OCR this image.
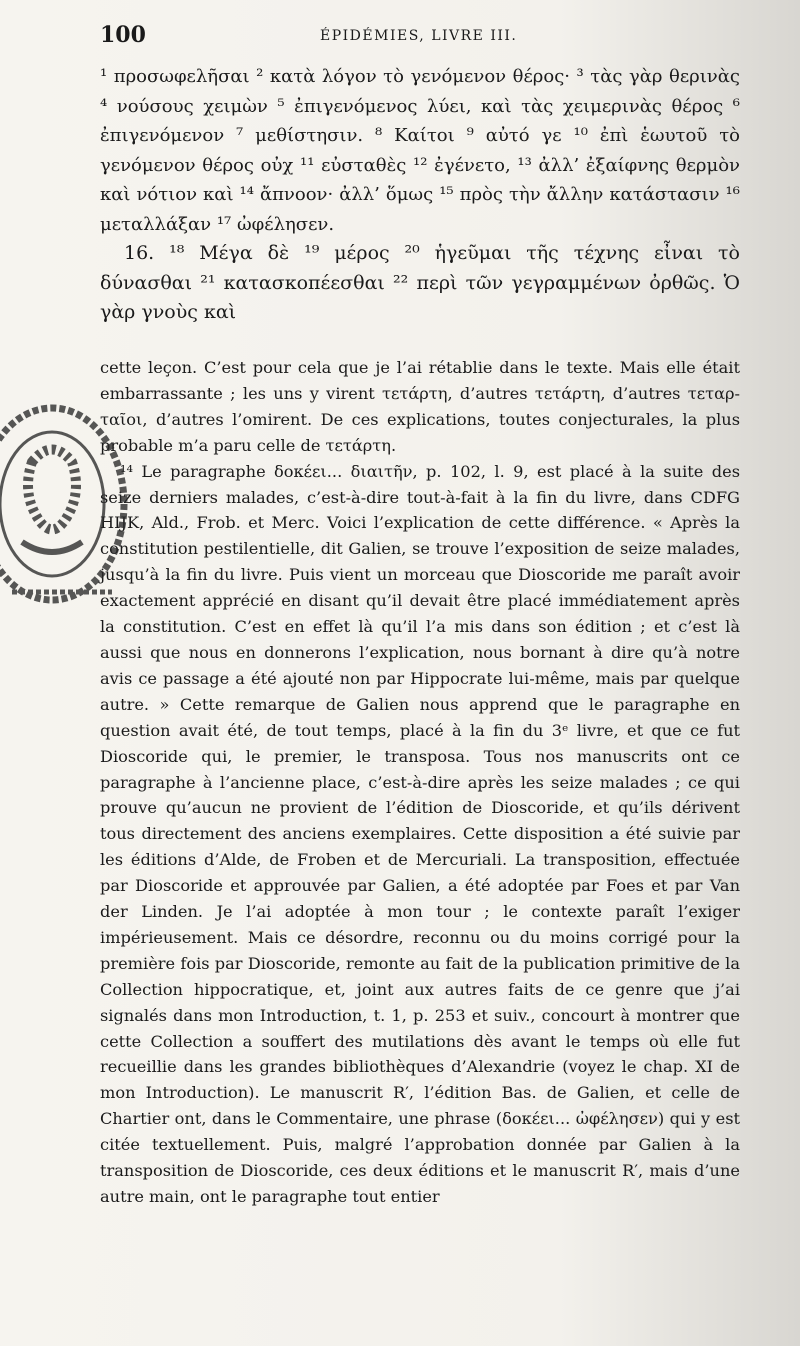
100	ÉPIDÉMIES, LIVRE III.

¹ προσωφελῆσαι ² κατὰ λόγον τὸ γενόμενον θέρος· ³ τὰς γὰρ θερινὰς ⁴ νούσους χειμὼν ⁵ ἐπιγενόμενος λύει, καὶ τὰς χειμερινὰς θέρος ⁶ ἐπιγενόμενον ⁷ μεθίστησιν. ⁸ Καίτοι ⁹ αὐτό γε ¹⁰ ἐπὶ ἑωυτοῦ τὸ γενόμενον θέρος οὐχ ¹¹ εὐσταθὲς ¹² ἐγένετο, ¹³ ἀλλ’ ἐξαίφνης θερμὸν καὶ νότιον καὶ ¹⁴ ἄπνοον· ἀλλ’ ὅμως ¹⁵ πρὸς τὴν ἄλλην κατάστασιν ¹⁶ μεταλλάξαν ¹⁷ ὠφέλησεν.

16. ¹⁸ Μέγα δὲ ¹⁹ μέρος ²⁰ ἡγεῦμαι τῆς τέχνης εἶναι τὸ δύνασθαι ²¹ κατασκοπέεσθαι ²² περὶ τῶν γεγραμμένων ὀρθῶς. Ὁ γὰρ γνοὺς καὶ

cette leçon. C’est pour cela que je l’ai rétablie dans le texte. Mais elle était embarrassante ; les uns y virent τετάρτη, d’autres τετάρτη, d’autres τεταρ-ταῖοι, d’autres l’omirent. De ces explications, toutes conjecturales, la plus probable m’a paru celle de τετάρτη.

¹⁴ Le paragraphe δοκέει... διαιτῆν, p. 102, l. 9, est placé à la suite des seize derniers malades, c’est-à-dire tout-à-fait à la fin du livre, dans CDFG HIJK, Ald., Frob. et Merc. Voici l’explication de cette différence. « Après la constitution pestilentielle, dit Galien, se trouve l’exposition de seize malades, jusqu’à la fin du livre. Puis vient un morceau que Dioscoride me paraît avoir exactement apprécié en disant qu’il devait être placé immédiatement après la constitution. C’est en effet là qu’il l’a mis dans son édition ; et c’est là aussi que nous en donnerons l’explication, nous bornant à dire qu’à notre avis ce passage a été ajouté non par Hippocrate lui-même, mais par quelque autre. » Cette remarque de Galien nous apprend que le paragraphe en question avait été, de tout temps, placé à la fin du 3ᵉ livre, et que ce fut Dioscoride qui, le premier, le transposa. Tous nos manuscrits ont ce paragraphe à l’ancienne place, c’est-à-dire après les seize malades ; ce qui prouve qu’aucun ne provient de l’édition de Dioscoride, et qu’ils dérivent tous directement des anciens exemplaires. Cette disposition a été suivie par les éditions d’Alde, de Froben et de Mercuriali. La transposition, effectuée par Dioscoride et approuvée par Galien, a été adoptée par Foes et par Van der Linden. Je l’ai adoptée à mon tour ; le contexte paraît l’exiger impérieusement. Mais ce désordre, reconnu ou du moins corrigé pour la première fois par Dioscoride, remonte au fait de la publication primitive de la Collection hippocratique, et, joint aux autres faits de ce genre que j’ai signalés dans mon Introduction, t. 1, p. 253 et suiv., concourt à montrer que cette Collection a souffert des mutilations dès avant le temps où elle fut recueillie dans les grandes bibliothèques d’Alexandrie (voyez le chap. XI de mon Introduction). Le manuscrit R′, l’édition Bas. de Galien, et celle de Chartier ont, dans le Commentaire, une phrase (δοκέει... ὠφέλησεν) qui y est citée textuellement. Puis, malgré l’approbation donnée par Galien à la transposition de Dioscoride, ces deux éditions et le manuscrit R′, mais d’une autre main, ont le paragraphe tout entier
